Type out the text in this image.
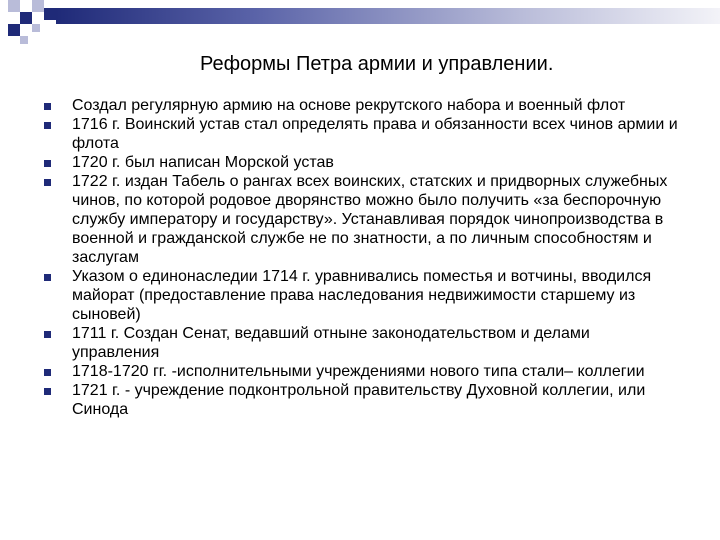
Реформы Петра армии и управлении.
Создал регулярную армию на основе рекрутского набора и военный флот
1716 г. Воинский устав стал определять права и обязанности всех чинов армии и флота
1720 г. был написан Морской устав
1722 г. издан Табель о рангах всех воинских, статских и придворных служебных чинов, по которой родовое дворянство можно было получить «за беспорочную службу императору и государству». Устанавливая порядок чинопроизводства в военной и гражданской службе не по знатности, а по личным способностям и заслугам
Указом о единонаследии 1714 г. уравнивались поместья и вотчины, вводился майорат (предоставление права наследования недвижимости старшему из сыновей)
1711 г. Создан Сенат, ведавший отныне законодательством и делами управления
1718-1720 гг. -исполнительными учреждениями нового типа стали– коллегии
1721 г. - учреждение подконтрольной правительству Духовной коллегии, или Синода
